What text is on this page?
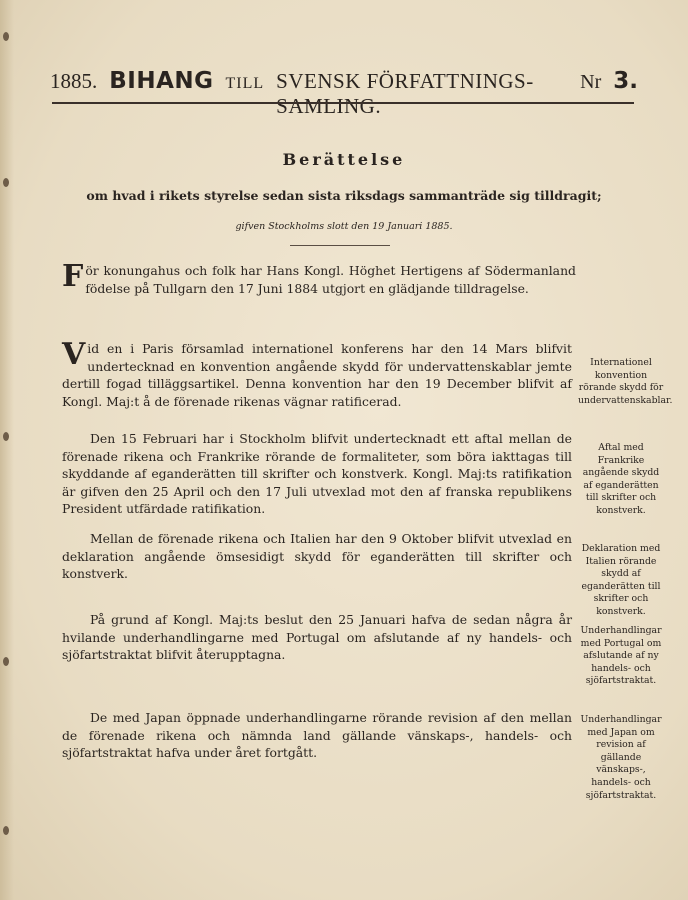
1885. BIHANG TILL SVENSK FÖRFATTNINGS-SAMLING.
Nr 3.
Berättelse
om hvad i rikets styrelse sedan sista riksdags sammanträde sig tilldragit;
gifven Stockholms slott den 19 Januari 1885.

För konungahus och folk har Hans Kongl. Höghet Hertigens af Södermanland födelse på Tullgarn den 17 Juni 1884 utgjort en glädjande tilldragelse.

Vid en i Paris församlad internationel konferens har den 14 Mars blifvit undertecknad en konvention angående skydd för undervattenskablar jemte dertill fogad tilläggsartikel. Denna konvention har den 19 December blifvit af Kongl. Maj:t å de förenade rikenas vägnar ratificerad.

Den 15 Februari har i Stockholm blifvit undertecknadt ett aftal mellan de förenade rikena och Frankrike rörande de formaliteter, som böra iakttagas till skyddande af eganderätten till skrifter och konstverk. Kongl. Maj:ts ratifikation är gifven den 25 April och den 17 Juli utvexlad mot den af franska republikens President utfärdade ratifikation.

Mellan de förenade rikena och Italien har den 9 Oktober blifvit utvexlad en deklaration angående ömsesidigt skydd för eganderätten till skrifter och konstverk.

På grund af Kongl. Maj:ts beslut den 25 Januari hafva de sedan några år hvilande underhandlingarne med Portugal om afslutande af ny handels- och sjöfartstraktat blifvit återupptagna.

De med Japan öppnade underhandlingarne rörande revision af den mellan de förenade rikena och nämnda land gällande vänskaps-, handels- och sjöfartstraktat hafva under året fortgått.

Internationel konvention rörande skydd för undervattenskablar.

Aftal med Frankrike angående skydd af eganderätten till skrifter och konstverk.

Deklaration med Italien rörande skydd af eganderätten till skrifter och konstverk.

Underhandlingar med Portugal om afslutande af ny handels- och sjöfartstraktat.

Underhandlingar med Japan om revision af gällande vänskaps-, handels- och sjöfartstraktat.
